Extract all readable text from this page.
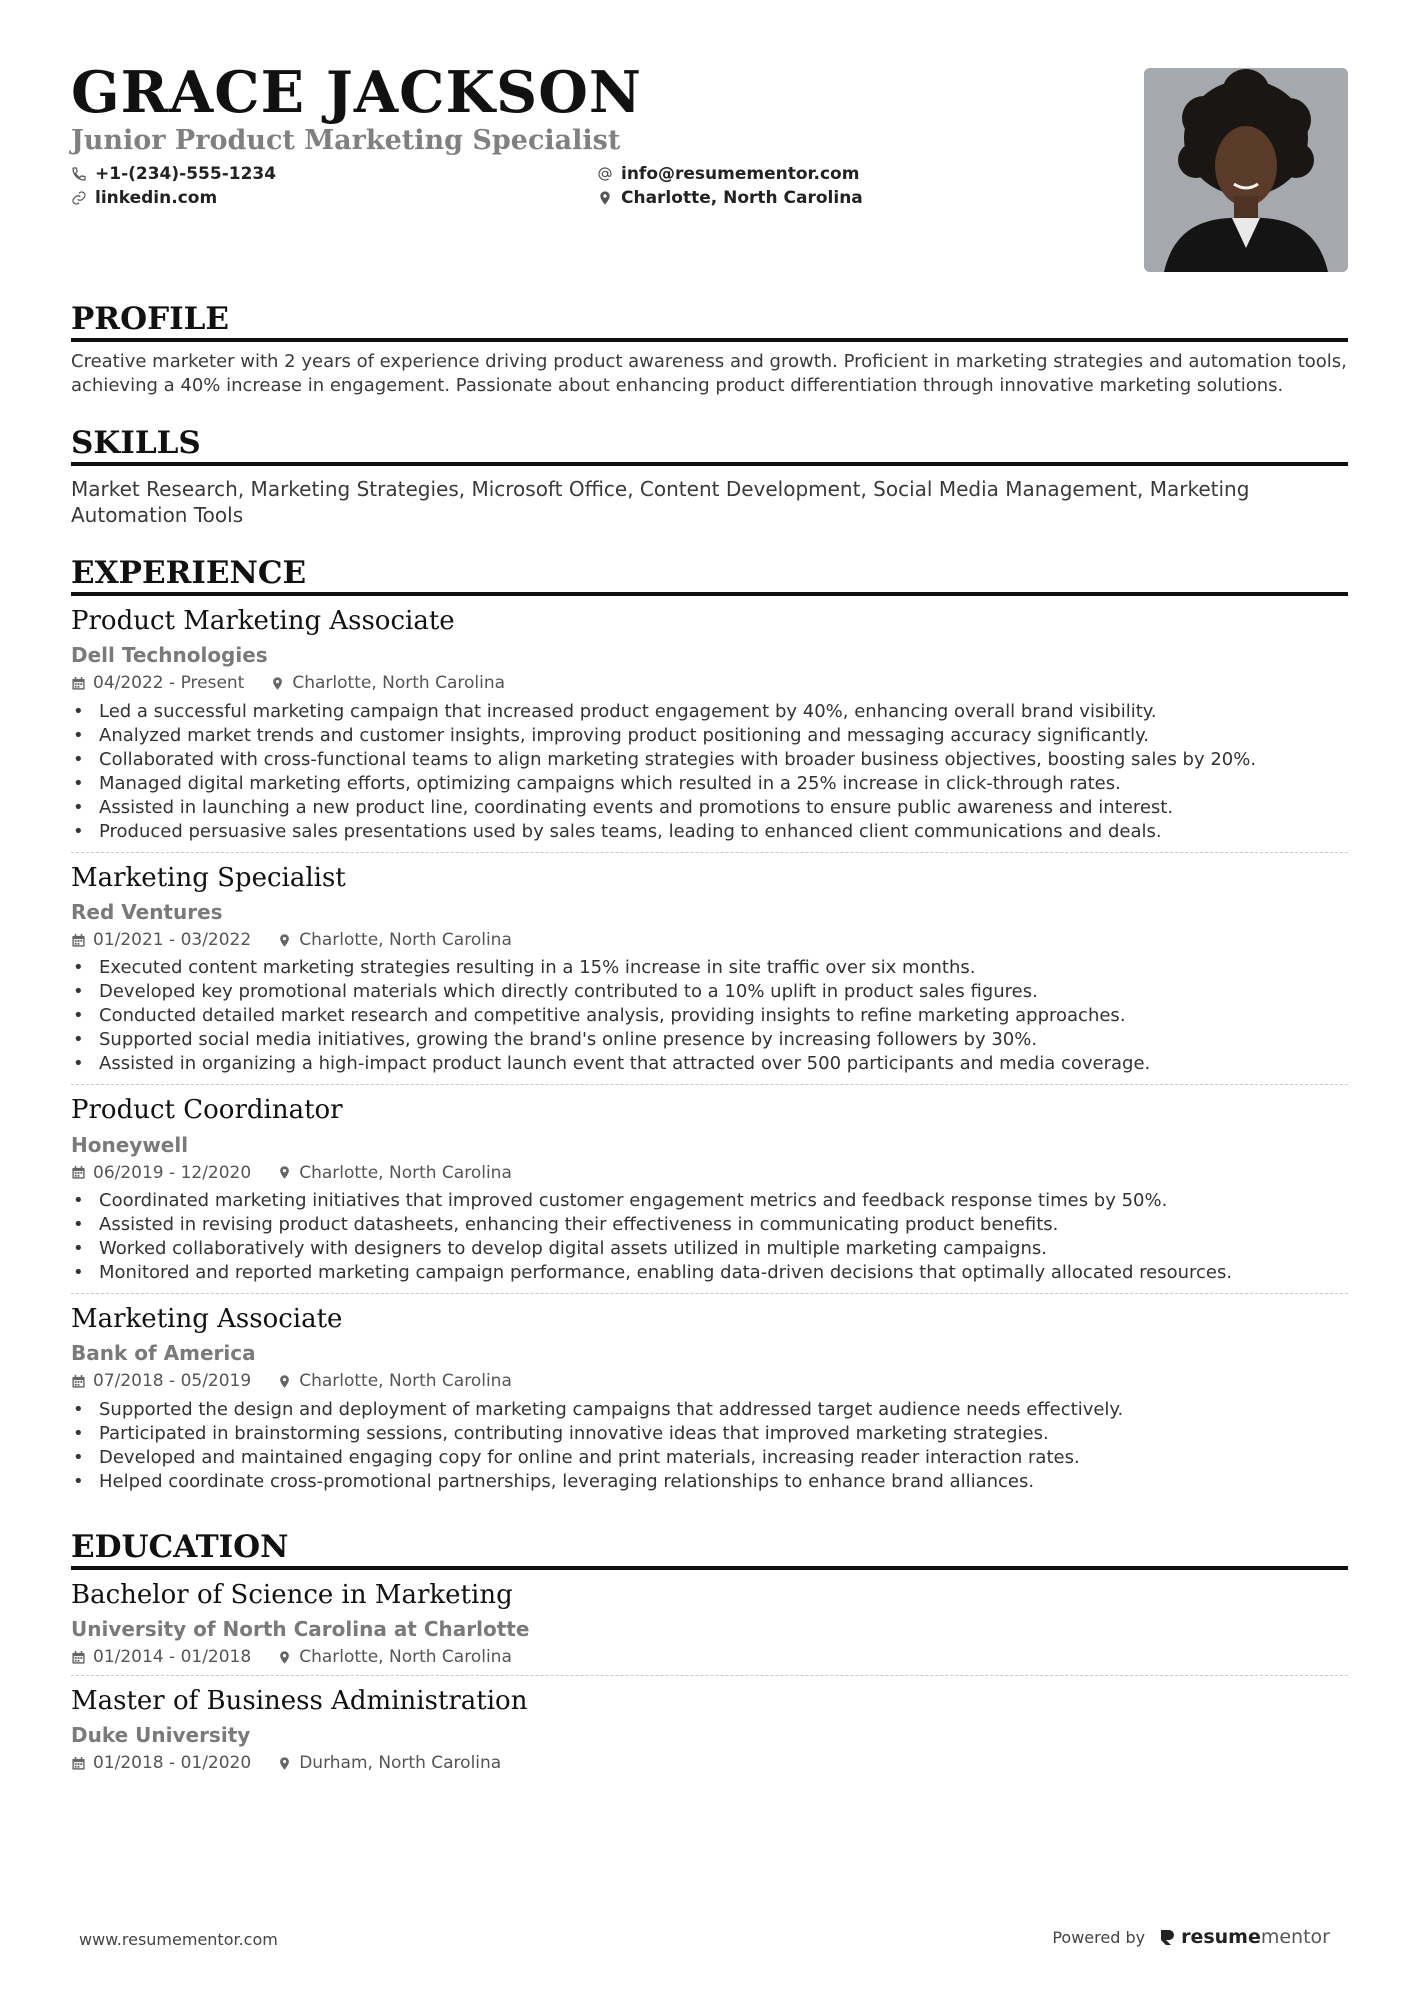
GRACE JACKSON
Junior Product Marketing Specialist
+1-(234)-555-1234	info@resumementor.com
linkedin.com	Charlotte, North Carolina
PROFILE
Creative marketer with 2 years of experience driving product awareness and growth. Proficient in marketing strategies and automation tools, achieving a 40% increase in engagement. Passionate about enhancing product differentiation through innovative marketing solutions.
SKILLS
Market Research, Marketing Strategies, Microsoft Office, Content Development, Social Media Management, Marketing Automation Tools
EXPERIENCE
Product Marketing Associate
Dell Technologies
04/2022 - Present	Charlotte, North Carolina
• Led a successful marketing campaign that increased product engagement by 40%, enhancing overall brand visibility.
• Analyzed market trends and customer insights, improving product positioning and messaging accuracy significantly.
• Collaborated with cross-functional teams to align marketing strategies with broader business objectives, boosting sales by 20%.
• Managed digital marketing efforts, optimizing campaigns which resulted in a 25% increase in click-through rates.
• Assisted in launching a new product line, coordinating events and promotions to ensure public awareness and interest.
• Produced persuasive sales presentations used by sales teams, leading to enhanced client communications and deals.
Marketing Specialist
Red Ventures
01/2021 - 03/2022	Charlotte, North Carolina
• Executed content marketing strategies resulting in a 15% increase in site traffic over six months.
• Developed key promotional materials which directly contributed to a 10% uplift in product sales figures.
• Conducted detailed market research and competitive analysis, providing insights to refine marketing approaches.
• Supported social media initiatives, growing the brand's online presence by increasing followers by 30%.
• Assisted in organizing a high-impact product launch event that attracted over 500 participants and media coverage.
Product Coordinator
Honeywell
06/2019 - 12/2020	Charlotte, North Carolina
• Coordinated marketing initiatives that improved customer engagement metrics and feedback response times by 50%.
• Assisted in revising product datasheets, enhancing their effectiveness in communicating product benefits.
• Worked collaboratively with designers to develop digital assets utilized in multiple marketing campaigns.
• Monitored and reported marketing campaign performance, enabling data-driven decisions that optimally allocated resources.
Marketing Associate
Bank of America
07/2018 - 05/2019	Charlotte, North Carolina
• Supported the design and deployment of marketing campaigns that addressed target audience needs effectively.
• Participated in brainstorming sessions, contributing innovative ideas that improved marketing strategies.
• Developed and maintained engaging copy for online and print materials, increasing reader interaction rates.
• Helped coordinate cross-promotional partnerships, leveraging relationships to enhance brand alliances.
EDUCATION
Bachelor of Science in Marketing
University of North Carolina at Charlotte
01/2014 - 01/2018	Charlotte, North Carolina
Master of Business Administration
Duke University
01/2018 - 01/2020	Durham, North Carolina
www.resumementor.com	Powered by resumementor
